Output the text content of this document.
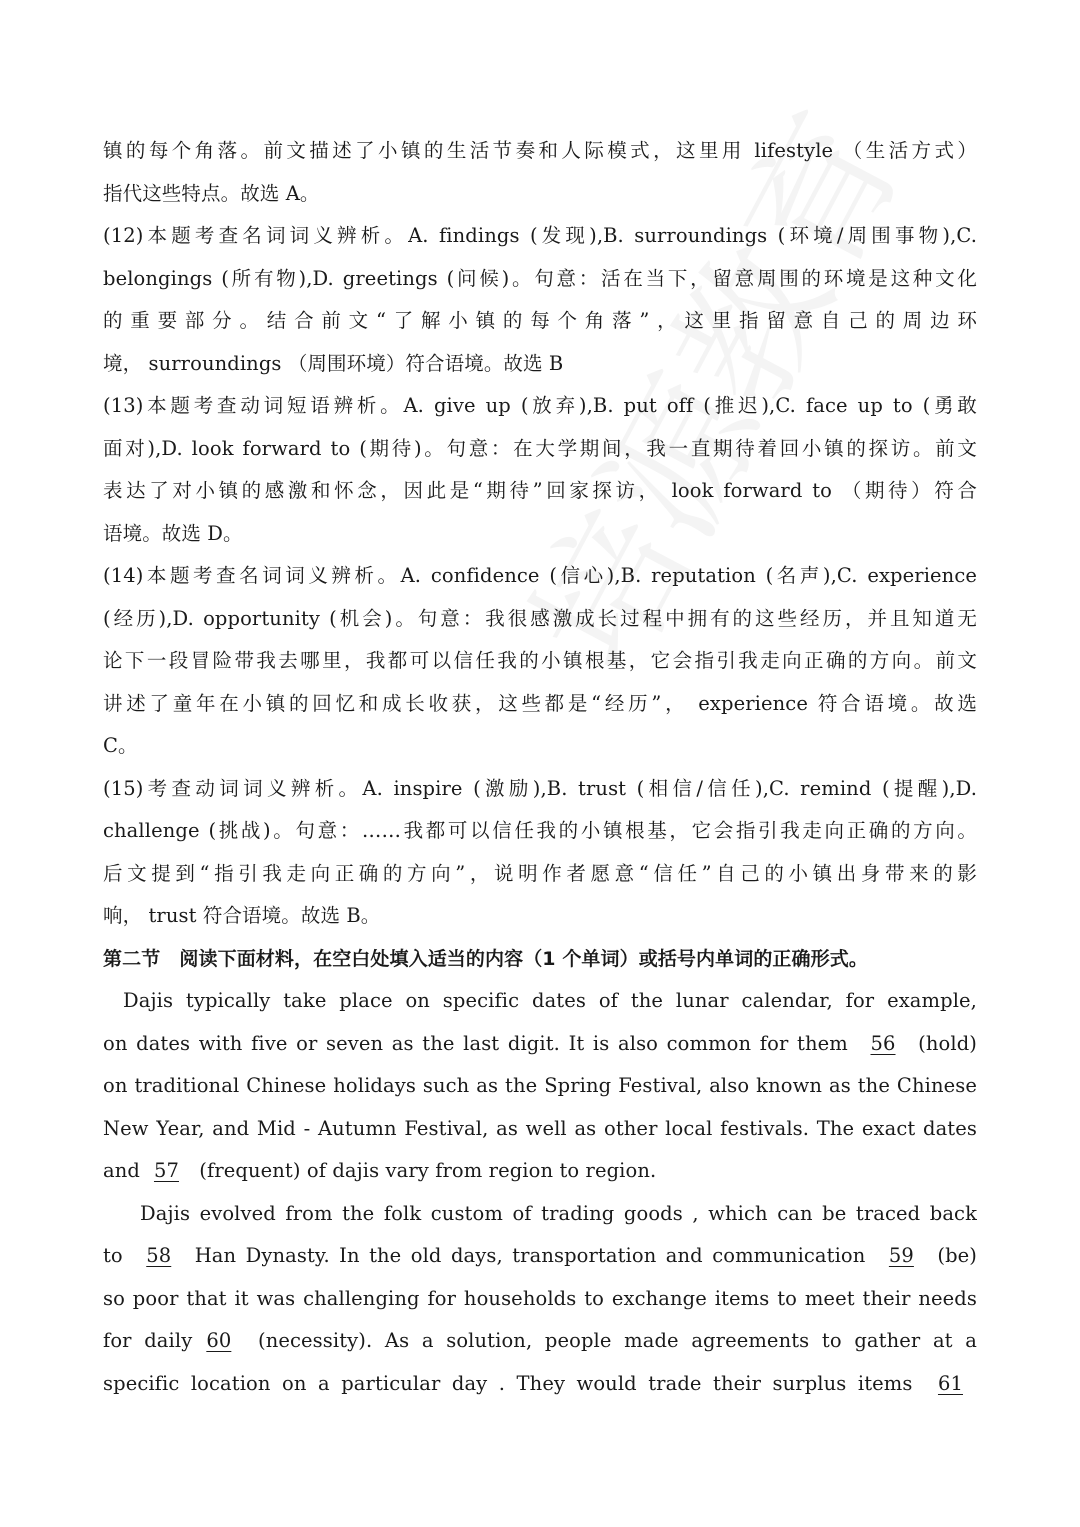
镇的每个角落。前文描述了小镇的生活节奏和人际模式，这里用 lifestyle （生活方式）
指代这些特点。故选 A。
(12)本题考查名词词义辨析。A. findings (发现),B. surroundings (环境/周围事物),C.
belongings (所有物),D. greetings (问候)。句意：活在当下，留意周围的环境是这种文化
的重要部分。结合前文“了解小镇的每个角落”，这里指留意自己的周边环
境， surroundings （周围环境）符合语境。故选 B
(13)本题考查动词短语辨析。A. give up (放弃),B. put off (推迟),C. face up to (勇敢
面对),D. look forward to (期待)。句意：在大学期间，我一直期待着回小镇的探访。前文
表达了对小镇的感激和怀念，因此是“期待”回家探访， look forward to （期待）符合
语境。故选 D。
(14)本题考查名词词义辨析。A. confidence (信心),B. reputation (名声),C. experience
(经历),D. opportunity (机会)。句意：我很感激成长过程中拥有的这些经历，并且知道无
论下一段冒险带我去哪里，我都可以信任我的小镇根基，它会指引我走向正确的方向。前文
讲述了童年在小镇的回忆和成长收获，这些都是“经历”， experience 符合语境。故选
C。
(15)考查动词词义辨析。A. inspire (激励),B. trust (相信/信任),C. remind (提醒),D.
challenge (挑战)。句意：……我都可以信任我的小镇根基，它会指引我走向正确的方向。
后文提到“指引我走向正确的方向”，说明作者愿意“信任”自己的小镇出身带来的影
响， trust 符合语境。故选 B。
第二节　阅读下面材料，在空白处填入适当的内容（1 个单词）或括号内单词的正确形式。
Dajis typically take place on specific dates of the lunar calendar, for example,
on dates with five or seven as the last digit. It is also common for them 56 (hold)
on traditional Chinese holidays such as the Spring Festival, also known as the Chinese
New Year, and Mid - Autumn Festival, as well as other local festivals. The exact dates
and 57 (frequent) of dajis vary from region to region.
Dajis evolved from the folk custom of trading goods , which can be traced back
to 58 Han Dynasty. In the old days, transportation and communication 59 (be)
so poor that it was challenging for households to exchange items to meet their needs
for daily 60 (necessity). As a solution, people made agreements to gather at a
specific location on a particular day . They would trade their surplus items 61
